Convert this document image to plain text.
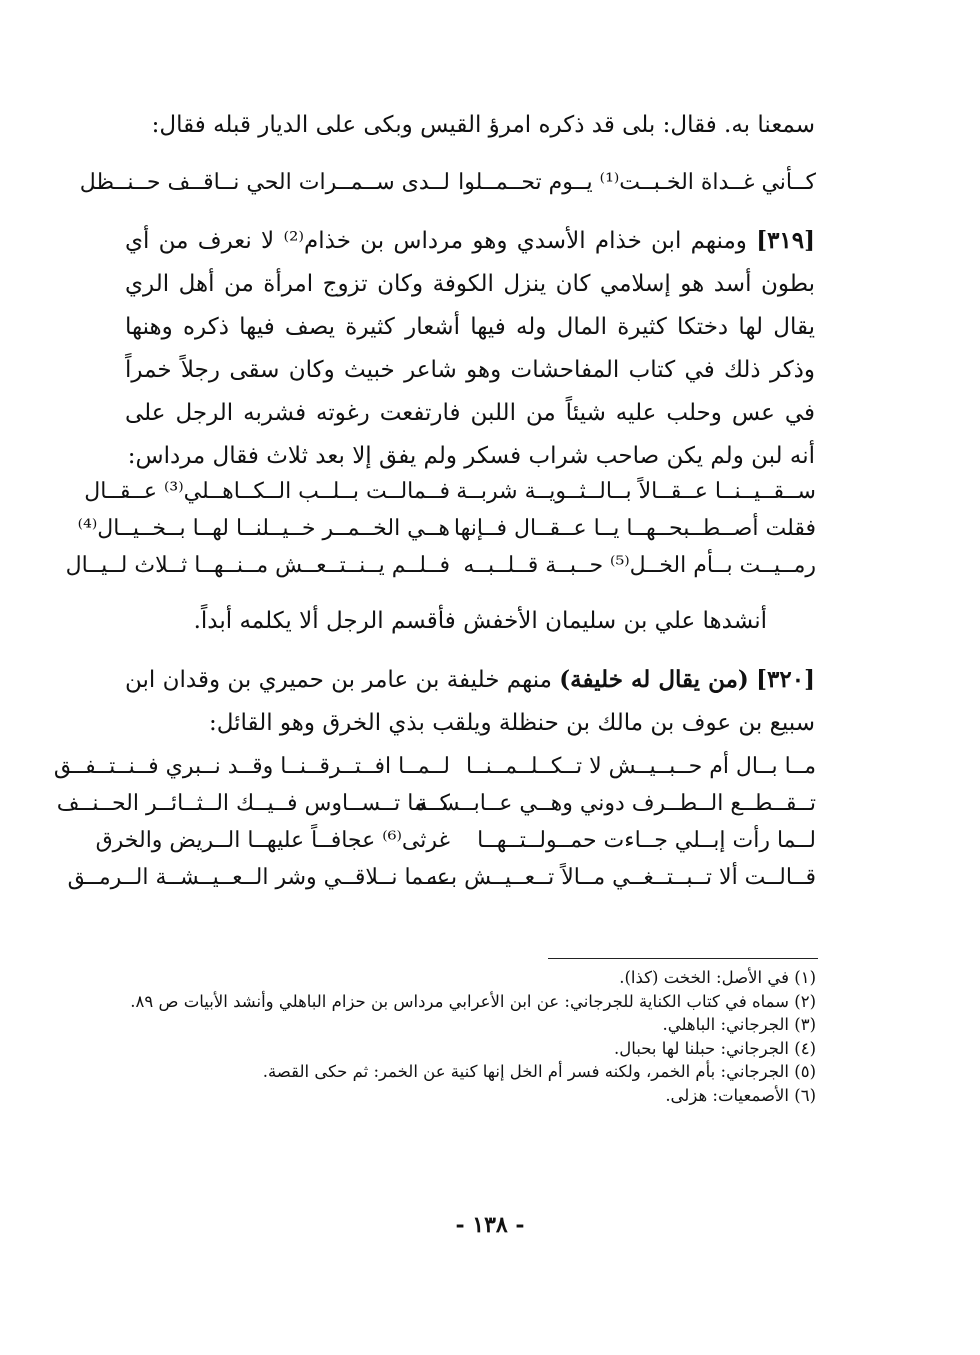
سمعنا به. فقال: بلى قد ذكره امرؤ القيس وبكى على الديار قبله فقال:

كــأني غــداة الخـبــت⁽¹⁾ يــوم تحــمــلوا
لــدى ســمــرات الحي نــاقــف حــنــظل

[٣١٩] ومنهم ابن خذام الأسدي وهو مرداس بن خذام⁽²⁾ لا نعرف من أي بطون أسد هو إسلامي كان ينزل الكوفة وكان تزوج امرأة من أهل الري يقال لها دختكا كثيرة المال وله فيها أشعار كثيرة يصف فيها ذكره وهنها وذكر ذلك في كتاب المفاحشات وهو شاعر خبيث وكان سقى رجلاً خمراً في عس وحلب عليه شيئاً من اللبن فارتفعت رغوته فشربه الرجل على أنه لبن ولم يكن صاحب شراب فسكر ولم يفق إلا بعد ثلاث فقال مرداس:

ســقــيــنــا عــقــالاً بــالــثــويــة شربــة
فــمالــت بــلــب الــكــاهــلي⁽³⁾ عــقــال
فقلت أصــطــبحــهــا يــا عــقــال فــإنها
هــي الخــمــر خــيــلنــا لهــا بــخــيــال⁽⁴⁾
رمــيــت بــأم الخــل⁽⁵⁾ حــبــة قــلــبــه
فــلــم يــنــتــعــش مــنــهــا ثــلاث لــيــال

أنشدها علي بن سليمان الأخفش فأقسم الرجل ألا يكلمه أبداً.

[٣٢٠] (من يقال له خليفة) منهم خليفة بن عامر بن حميري بن وقدان ابن سبيع بن عوف بن مالك بن حنظلة ويلقب بذي الخرق وهو القائل:

مــا بــال أم حــبــيــش لا تــكــلــمــنــا
لــمــا افــتــرقــنــا وقــد نــبري فــنــتــفــق
تــقــطــع الــطــرف دوني وهــي عــابــســة
كــما تــســاوس فــيــك الــثــائــر الحــنــف
لــما رأت إبــلي جــاءت حمــولــتــهــا
غرثى⁽⁶⁾ عجافــاً عليهــا الــريض والخرق
قــالــت ألا تــبــتــغــي مــالاً تــعــيــش بــه
عــما نــلاقــي وشر الــعــيــشــة الــرمــق

(١) في الأصل: الخخت (كذا).

(٢) سماه في كتاب الكناية للجرجاني: عن ابن الأعرابي مرداس بن حزام الباهلي وأنشد الأبيات ص ٨٩.

(٣) الجرجاني: الباهلي.

(٤) الجرجاني: حبلنا لها بحبال.

(٥) الجرجاني: بأم الخمر، ولكنه فسر أم الخل إنها كنية عن الخمر: ثم حكى القصة.

(٦) الأصمعيات: هزلى.

- ١٣٨ -
